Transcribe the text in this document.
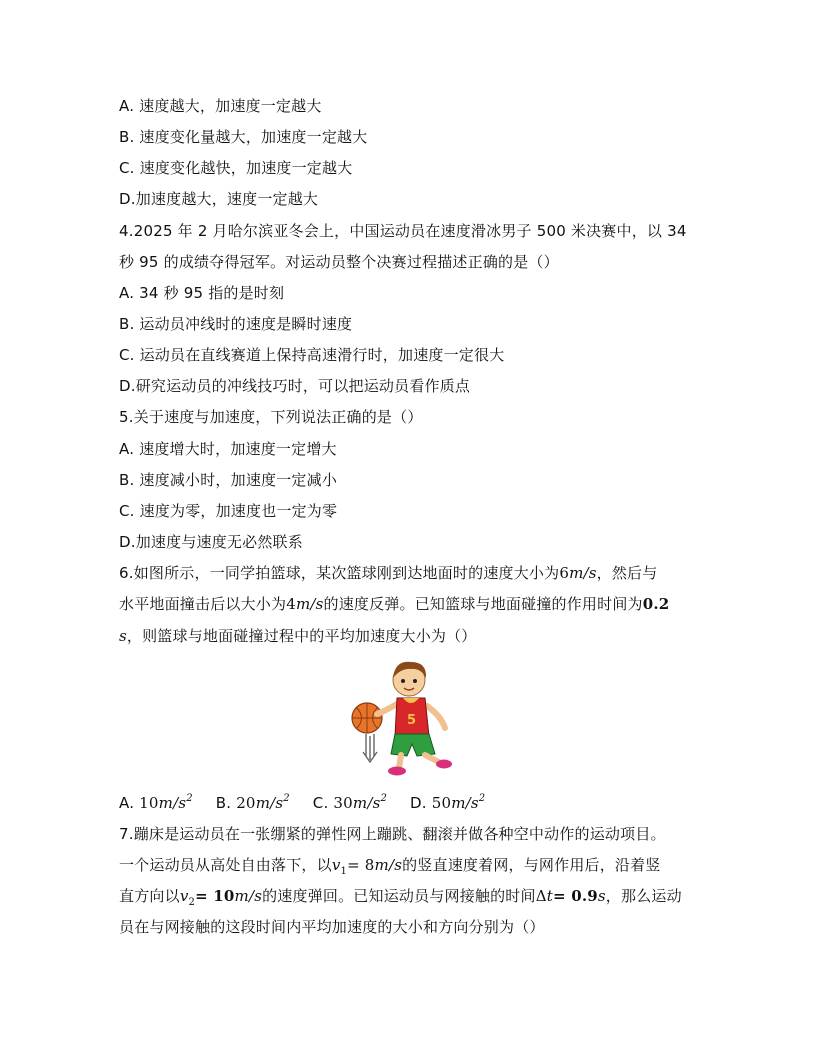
A. 速度越大，加速度一定越大
B. 速度变化量越大，加速度一定越大
C. 速度变化越快，加速度一定越大
D.加速度越大，速度一定越大
4.2025 年 2 月哈尔滨亚冬会上，中国运动员在速度滑冰男子 500 米决赛中，以 34
秒 95 的成绩夺得冠军。对运动员整个决赛过程描述正确的是（）
A. 34 秒 95 指的是时刻
B. 运动员冲线时的速度是瞬时速度
C. 运动员在直线赛道上保持高速滑行时，加速度一定很大
D.研究运动员的冲线技巧时，可以把运动员看作质点
5.关于速度与加速度，下列说法正确的是（）
A. 速度增大时，加速度一定增大
B. 速度减小时，加速度一定减小
C. 速度为零，加速度也一定为零
D.加速度与速度无必然联系
6.如图所示，一同学拍篮球，某次篮球刚到达地面时的速度大小为6m/s，然后与
水平地面撞击后以大小为4m/s的速度反弹。已知篮球与地面碰撞的作用时间为0.2
s，则篮球与地面碰撞过程中的平均加速度大小为（）
5
A. $10m/s^2$ B. $20m/s^2$ C. $30m/s^2$ D. $50m/s^2$
7.蹦床是运动员在一张绷紧的弹性网上蹦跳、翻滚并做各种空中动作的运动项目。
一个运动员从高处自由落下，以$v_1= 8m/s$的竖直速度着网，与网作用后，沿着竖
直方向以$v_2= 10m/s$的速度弹回。已知运动员与网接触的时间Δt= 0.9s，那么运动
员在与网接触的这段时间内平均加速度的大小和方向分别为（）
